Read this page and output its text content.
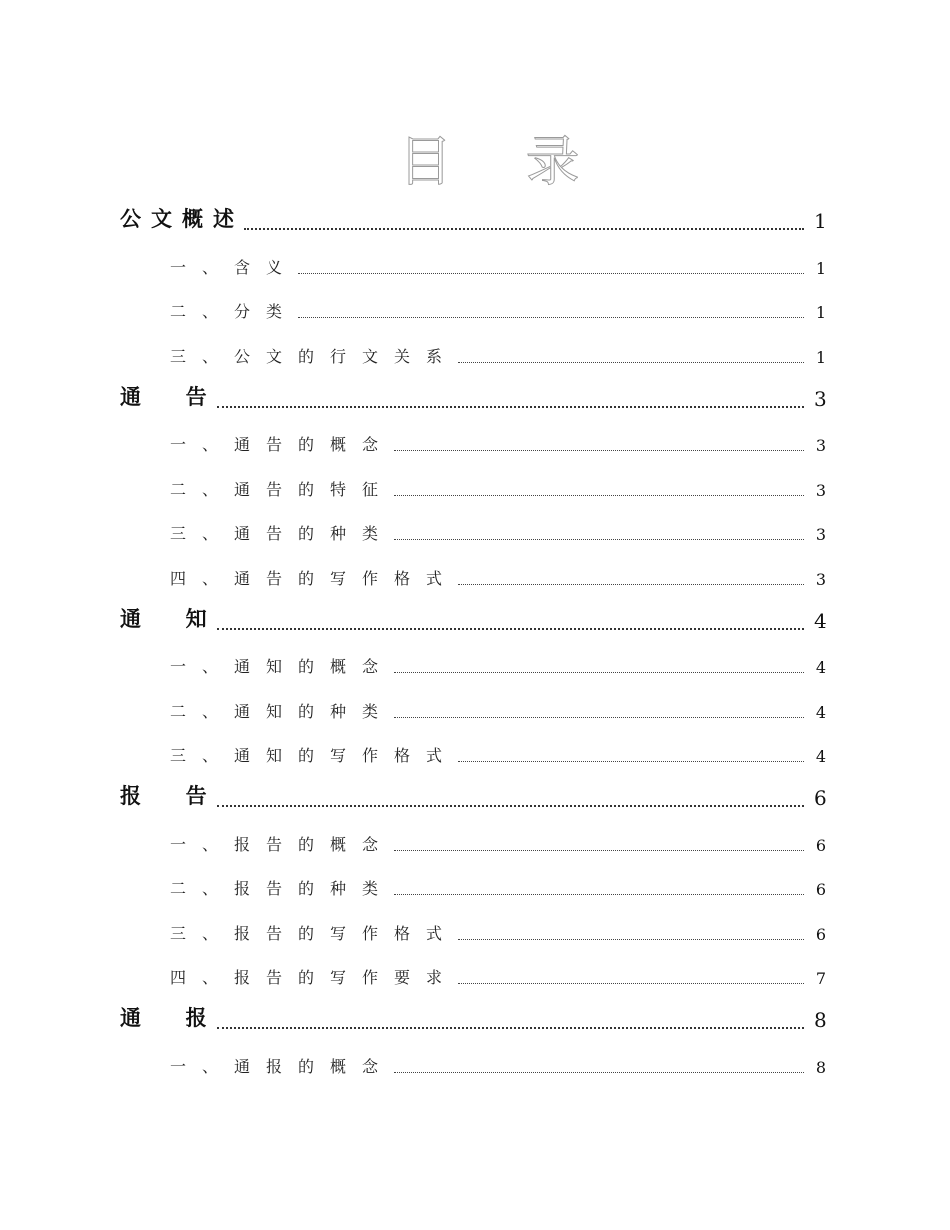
目 录
公文概述	1
一、含义	1
二、分类	1
三、公文的行文关系	1
通  告	3
一、通告的概念	3
二、通告的特征	3
三、通告的种类	3
四、通告的写作格式	3
通  知	4
一、通知的概念	4
二、通知的种类	4
三、通知的写作格式	4
报  告	6
一、报告的概念	6
二、报告的种类	6
三、报告的写作格式	6
四、报告的写作要求	7
通  报	8
一、通报的概念	8
